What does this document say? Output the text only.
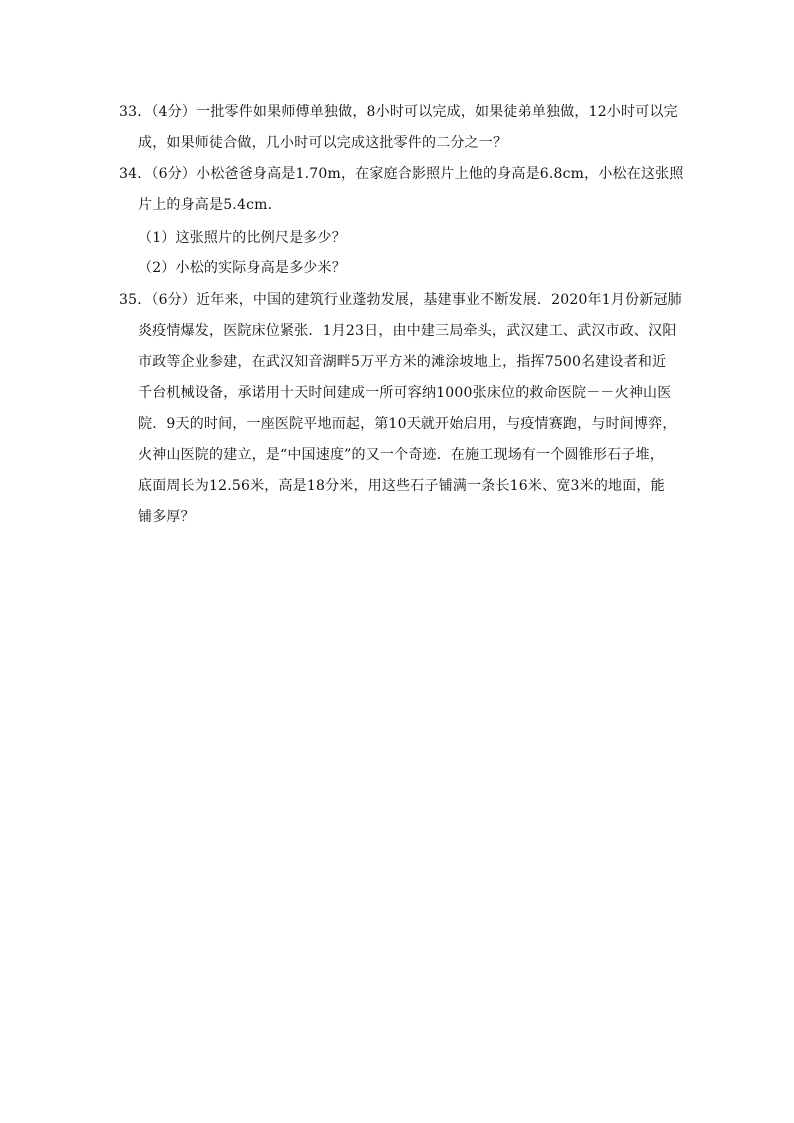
33．（4分）一批零件如果师傅单独做，8小时可以完成，如果徒弟单独做，12小时可以完
成，如果师徒合做，几小时可以完成这批零件的二分之一？
34．（6分）小松爸爸身高是1.70m，在家庭合影照片上他的身高是6.8cm，小松在这张照
片上的身高是5.4cm．
（1）这张照片的比例尺是多少？
（2）小松的实际身高是多少米？
35．（6分）近年来，中国的建筑行业蓬勃发展，基建事业不断发展．2020年1月份新冠肺
炎疫情爆发，医院床位紧张．1月23日，由中建三局牵头，武汉建工、武汉市政、汉阳
市政等企业参建，在武汉知音湖畔5万平方米的滩涂坡地上，指挥7500名建设者和近
千台机械设备，承诺用十天时间建成一所可容纳1000张床位的救命医院－－火神山医
院．9天的时间，一座医院平地而起，第10天就开始启用，与疫情赛跑，与时间博弈，
火神山医院的建立，是“中国速度”的又一个奇迹．在施工现场有一个圆锥形石子堆，
底面周长为12.56米，高是18分米，用这些石子铺满一条长16米、宽3米的地面，能
铺多厚？
